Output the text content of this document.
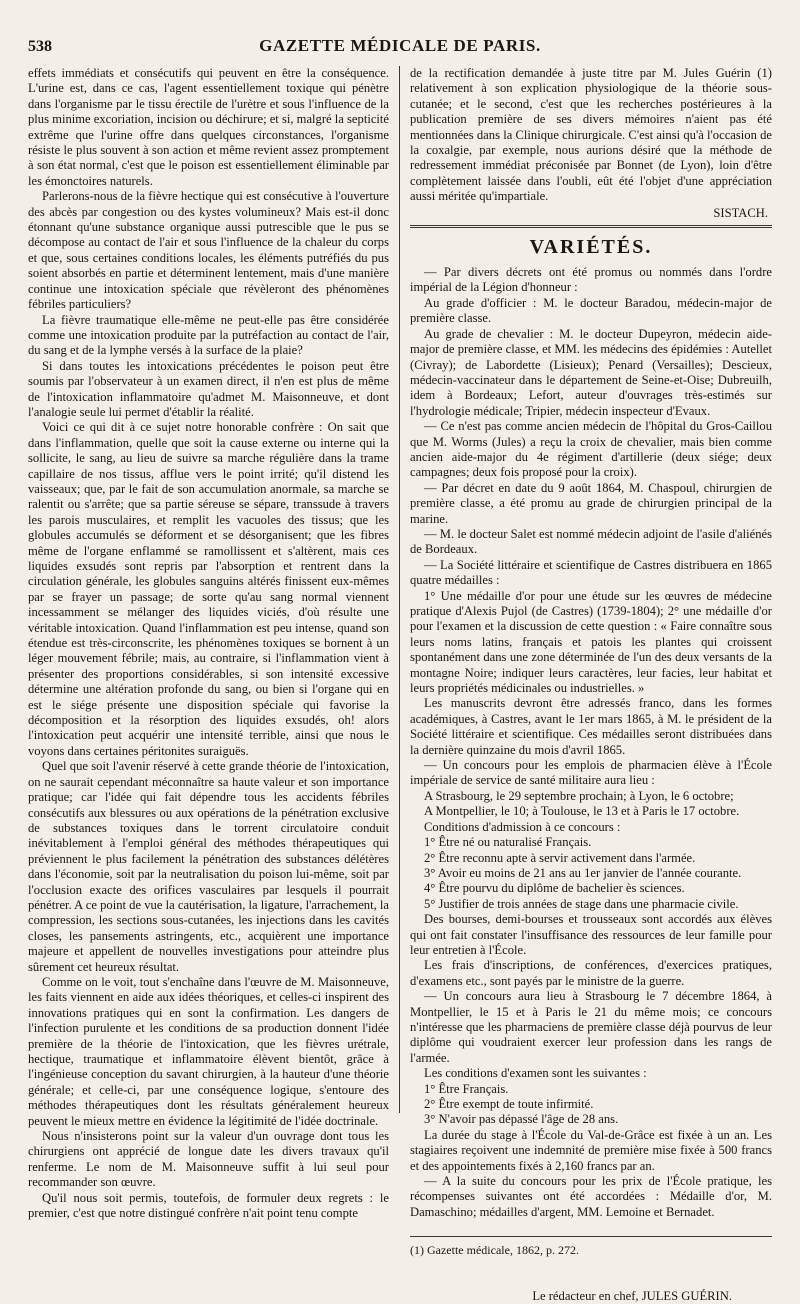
538	GAZETTE MÉDICALE DE PARIS.

effets immédiats et consécutifs qui peuvent en être la conséquence. L'urine est, dans ce cas, l'agent essentiellement toxique qui pénètre dans l'organisme par le tissu érectile de l'urètre et sous l'influence de la plus minime excoriation, incision ou déchirure; et si, malgré la septicité extrême que l'urine offre dans quelques circonstances, l'organisme résiste le plus souvent à son action et même revient assez promptement à son état normal, c'est que le poison est essentiellement éliminable par les émonctoires naturels.

Parlerons-nous de la fièvre hectique qui est consécutive à l'ouverture des abcès par congestion ou des kystes volumineux? Mais est-il donc étonnant qu'une substance organique aussi putrescible que le pus se décompose au contact de l'air et sous l'influence de la chaleur du corps et que, sous certaines conditions locales, les éléments putréfiés du pus soient absorbés en partie et déterminent lentement, mais d'une manière continue une intoxication spéciale que révèleront des phénomènes fébriles particuliers?

La fièvre traumatique elle-même ne peut-elle pas être considérée comme une intoxication produite par la putréfaction au contact de l'air, du sang et de la lymphe versés à la surface de la plaie?

Si dans toutes les intoxications précédentes le poison peut être soumis par l'observateur à un examen direct, il n'en est plus de même de l'intoxication inflammatoire qu'admet M. Maisonneuve, et dont l'analogie seule lui permet d'établir la réalité.

Voici ce qui dit à ce sujet notre honorable confrère : On sait que dans l'inflammation, quelle que soit la cause externe ou interne qui la sollicite, le sang, au lieu de suivre sa marche régulière dans la trame capillaire de nos tissus, afflue vers le point irrité; qu'il distend les vaisseaux; que, par le fait de son accumulation anormale, sa marche se ralentit ou s'arrête; que sa partie séreuse se sépare, transsude à travers les parois musculaires, et remplit les vacuoles des tissus; que les globules accumulés se déforment et se désorganisent; que les fibres même de l'organe enflammé se ramollissent et s'altèrent, mais ces liquides exsudés sont repris par l'absorption et rentrent dans la circulation générale, les globules sanguins altérés finissent eux-mêmes par se frayer un passage; de sorte qu'au sang normal viennent incessamment se mélanger des liquides viciés, d'où résulte une véritable intoxication. Quand l'inflammation est peu intense, quand son étendue est très-circonscrite, les phénomènes toxiques se bornent à un léger mouvement fébrile; mais, au contraire, si l'inflammation vient à présenter des proportions considérables, si son intensité excessive détermine une altération profonde du sang, ou bien si l'organe qui en est le siége présente une disposition spéciale qui favorise la décomposition et la résorption des liquides exsudés, oh! alors l'intoxication peut acquérir une intensité terrible, ainsi que nous le voyons dans certaines péritonites suraiguës.

Quel que soit l'avenir réservé à cette grande théorie de l'intoxication, on ne saurait cependant méconnaître sa haute valeur et son importance pratique; car l'idée qui fait dépendre tous les accidents fébriles consécutifs aux blessures ou aux opérations de la pénétration exclusive de substances toxiques dans le torrent circulatoire conduit inévitablement à l'emploi général des méthodes thérapeutiques qui préviennent le plus facilement la pénétration des substances délétères dans l'économie, soit par la neutralisation du poison lui-même, soit par l'occlusion exacte des orifices vasculaires par lesquels il pourrait pénétrer. A ce point de vue la cautérisation, la ligature, l'arrachement, la compression, les sections sous-cutanées, les injections dans les cavités closes, les pansements astringents, etc., acquièrent une importance majeure et appellent de nouvelles investigations pour atteindre plus sûrement cet heureux résultat.

Comme on le voit, tout s'enchaîne dans l'œuvre de M. Maisonneuve, les faits viennent en aide aux idées théoriques, et celles-ci inspirent des innovations pratiques qui en sont la confirmation. Les dangers de l'infection purulente et les conditions de sa production donnent l'idée première de la théorie de l'intoxication, que les fièvres urétrale, hectique, traumatique et inflammatoire élèvent bientôt, grâce à l'ingénieuse conception du savant chirurgien, à la hauteur d'une théorie générale; et celle-ci, par une conséquence logique, s'entoure des méthodes thérapeutiques dont les résultats généralement heureux peuvent le mieux mettre en évidence la légitimité de l'idée doctrinale.

Nous n'insisterons point sur la valeur d'un ouvrage dont tous les chirurgiens ont apprécié de longue date les divers travaux qu'il renferme. Le nom de M. Maisonneuve suffit à lui seul pour recommander son œuvre.

Qu'il nous soit permis, toutefois, de formuler deux regrets : le premier, c'est que notre distingué confrère n'ait point tenu compte

de la rectification demandée à juste titre par M. Jules Guérin (1) relativement à son explication physiologique de la théorie sous-cutanée; et le second, c'est que les recherches postérieures à la publication première de ses divers mémoires n'aient pas été mentionnées dans la Clinique chirurgicale. C'est ainsi qu'à l'occasion de la coxalgie, par exemple, nous aurions désiré que la méthode de redressement immédiat préconisée par Bonnet (de Lyon), loin d'être complètement laissée dans l'oubli, eût été l'objet d'une appréciation aussi méritée qu'impartiale.

SISTACH.

VARIÉTÉS.

— Par divers décrets ont été promus ou nommés dans l'ordre impérial de la Légion d'honneur :

Au grade d'officier : M. le docteur Baradou, médecin-major de première classe.

Au grade de chevalier : M. le docteur Dupeyron, médecin aide-major de première classe, et MM. les médecins des épidémies : Autellet (Civray); de Labordette (Lisieux); Penard (Versailles); Descieux, médecin-vaccinateur dans le département de Seine-et-Oise; Dubreuilh, idem à Bordeaux; Lefort, auteur d'ouvrages très-estimés sur l'hydrologie médicale; Tripier, médecin inspecteur d'Evaux.

— Ce n'est pas comme ancien médecin de l'hôpital du Gros-Caillou que M. Worms (Jules) a reçu la croix de chevalier, mais bien comme ancien aide-major du 4e régiment d'artillerie (deux siége; deux campagnes; deux fois proposé pour la croix).

— Par décret en date du 9 août 1864, M. Chaspoul, chirurgien de première classe, a été promu au grade de chirurgien principal de la marine.

— M. le docteur Salet est nommé médecin adjoint de l'asile d'aliénés de Bordeaux.

— La Société littéraire et scientifique de Castres distribuera en 1865 quatre médailles :

1° Une médaille d'or pour une étude sur les œuvres de médecine pratique d'Alexis Pujol (de Castres) (1739-1804); 2° une médaille d'or pour l'examen et la discussion de cette question : « Faire connaître sous leurs noms latins, français et patois les plantes qui croissent spontanément dans une zone déterminée de l'un des deux versants de la montagne Noire; indiquer leurs caractères, leur facies, leur habitat et leurs propriétés médicinales ou industrielles. »

Les manuscrits devront être adressés franco, dans les formes académiques, à Castres, avant le 1er mars 1865, à M. le président de la Société littéraire et scientifique. Ces médailles seront distribuées dans la dernière quinzaine du mois d'avril 1865.

— Un concours pour les emplois de pharmacien élève à l'École impériale de service de santé militaire aura lieu :

A Strasbourg, le 29 septembre prochain; à Lyon, le 6 octobre;

A Montpellier, le 10; à Toulouse, le 13 et à Paris le 17 octobre.

Conditions d'admission à ce concours :

1° Être né ou naturalisé Français.

2° Être reconnu apte à servir activement dans l'armée.

3° Avoir eu moins de 21 ans au 1er janvier de l'année courante.

4° Être pourvu du diplôme de bachelier ès sciences.

5° Justifier de trois années de stage dans une pharmacie civile.

Des bourses, demi-bourses et trousseaux sont accordés aux élèves qui ont fait constater l'insuffisance des ressources de leur famille pour leur entretien à l'École.

Les frais d'inscriptions, de conférences, d'exercices pratiques, d'examens etc., sont payés par le ministre de la guerre.

— Un concours aura lieu à Strasbourg le 7 décembre 1864, à Montpellier, le 15 et à Paris le 21 du même mois; ce concours n'intéresse que les pharmaciens de première classe déjà pourvus de leur diplôme qui voudraient exercer leur profession dans les rangs de l'armée.

Les conditions d'examen sont les suivantes :

1° Être Français.

2° Être exempt de toute infirmité.

3° N'avoir pas dépassé l'âge de 28 ans.

La durée du stage à l'École du Val-de-Grâce est fixée à un an. Les stagiaires reçoivent une indemnité de première mise fixée à 500 francs et des appointements fixés à 2,160 francs par an.

— A la suite du concours pour les prix de l'École pratique, les récompenses suivantes ont été accordées : Médaille d'or, M. Damaschino; médailles d'argent, MM. Lemoine et Bernadet.

(1) Gazette médicale, 1862, p. 272.

Le rédacteur en chef, JULES GUÉRIN.
